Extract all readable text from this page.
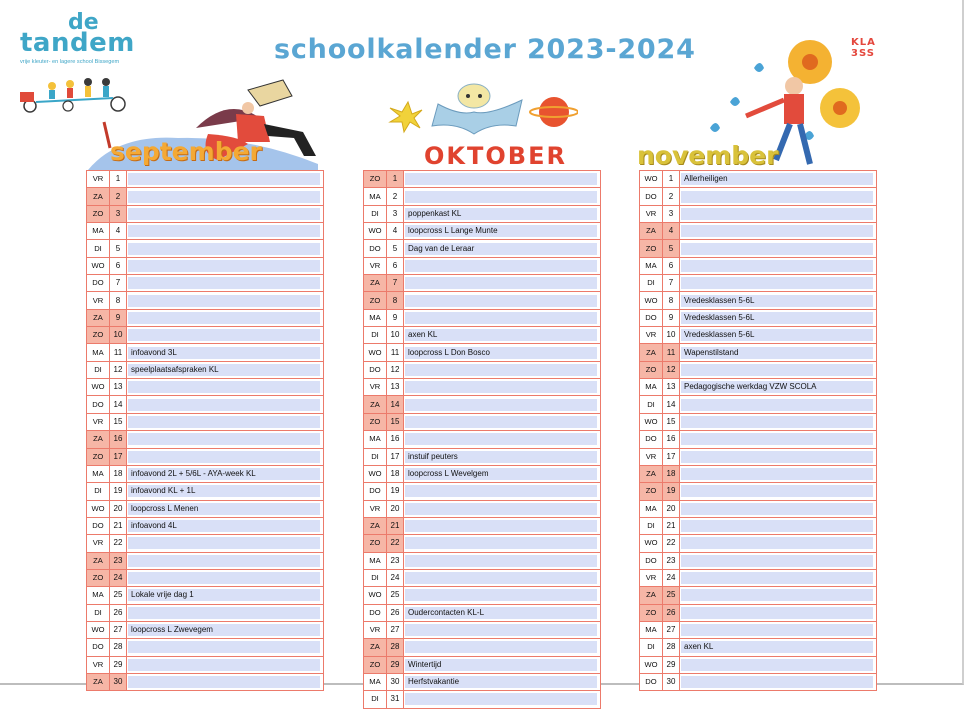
de
tandem
vrije kleuter- en lagere school Bissegem	schoolkalender 2023-2024	KLA
3SS
september	OKTOBER	november
VR	1	

ZA	2	

ZO	3	

MA	4	

DI	5	

WO	6	

DO	7	

VR	8	

ZA	9	

ZO	10	

MA	11	infoavond 3L

DI	12	speelplaatsafspraken KL

WO	13	

DO	14	

VR	15	

ZA	16	

ZO	17	

MA	18	infoavond 2L + 5/6L - AYA-week KL

DI	19	infoavond KL + 1L

WO	20	loopcross L Menen

DO	21	infoavond 4L

VR	22	

ZA	23	

ZO	24	

MA	25	Lokale vrije dag 1

DI	26	

WO	27	loopcross L Zwevegem

DO	28	

VR	29	

ZA	30	
ZO	1	

MA	2	

DI	3	poppenkast KL

WO	4	loopcross L Lange Munte

DO	5	Dag van de Leraar

VR	6	

ZA	7	

ZO	8	

MA	9	

DI	10	axen KL

WO	11	loopcross L Don Bosco

DO	12	

VR	13	

ZA	14	

ZO	15	

MA	16	

DI	17	instuif peuters

WO	18	loopcross L Wevelgem

DO	19	

VR	20	

ZA	21	

ZO	22	

MA	23	

DI	24	

WO	25	

DO	26	Oudercontacten KL-L

VR	27	

ZA	28	

ZO	29	Wintertijd

MA	30	Herfstvakantie

DI	31	
WO	1	Allerheiligen

DO	2	

VR	3	

ZA	4	

ZO	5	

MA	6	

DI	7	

WO	8	Vredesklassen 5-6L

DO	9	Vredesklassen 5-6L

VR	10	Vredesklassen 5-6L

ZA	11	Wapenstilstand

ZO	12	

MA	13	Pedagogische werkdag VZW SCOLA

DI	14	

WO	15	

DO	16	

VR	17	

ZA	18	

ZO	19	

MA	20	

DI	21	

WO	22	

DO	23	

VR	24	

ZA	25	

ZO	26	

MA	27	

DI	28	axen KL

WO	29	

DO	30	
